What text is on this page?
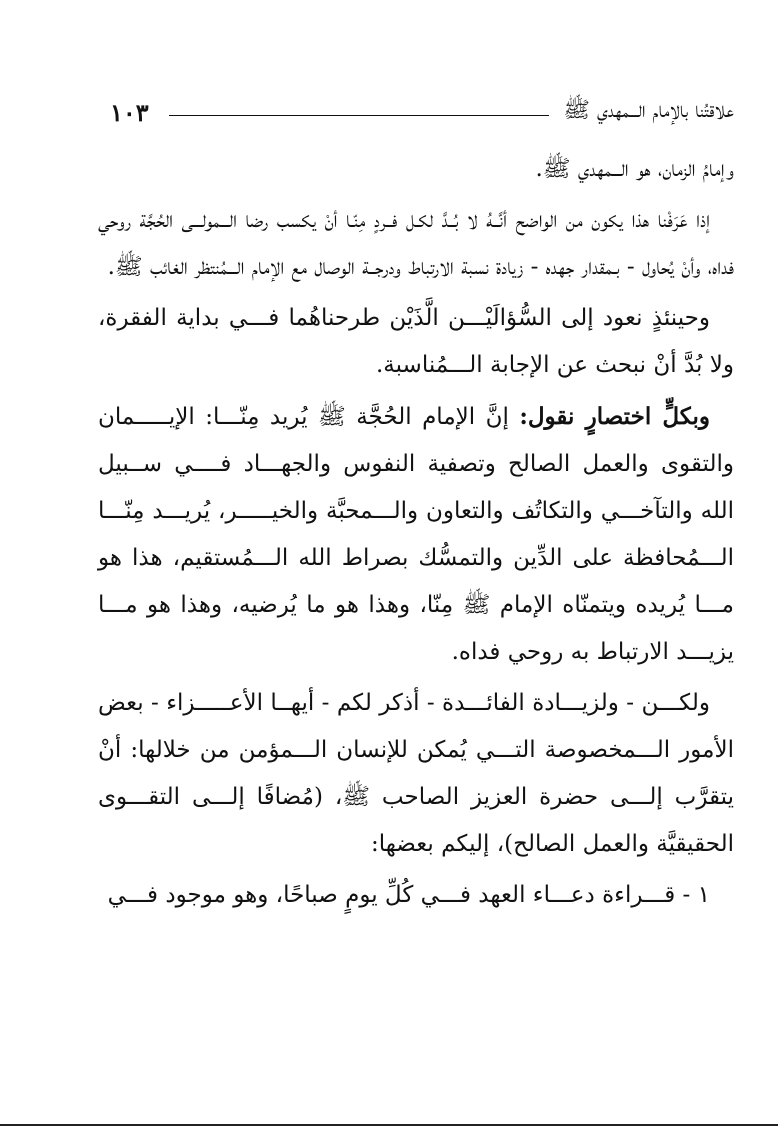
علاقتُنا بالإمام الـــمهدي ﷺ
١٠٣

وإمامُ الزمان، هو الـــمهدي ﷺ.

إذا عَرَفْنا هذا يكون من الواضح أنَّــهُ لا بُــدَّ لكـل فــردٍ مِنّـا أنْ يكسب رضا الـــمولـــى الحُجَّة روحي فداه، وأنْ يُحاول - بـمقدار جهده - زيادة نسبة الارتباط ودرجــة الوصال مع الإمام الـــمُنتظر الغائب ﷺ.

وحينئذٍ نعود إلى السُّؤالَيْـــن الَّذَيْن طرحناهُما فـــي بداية الفقرة، ولا بُدَّ أنْ نبحث عن الإجابة الـــمُناسبة.

وبكلٍّ اختصارٍ نقول: إنَّ الإمام الحُجَّة ﷺ يُريد مِنّـــا: الإيـــــمان والتقوى والعمل الصالح وتصفية النفوس والجهـــاد فــــي ســبيل الله والتآخـــي والتكاتُف والتعاون والـــمحبَّة والخيـــــر، يُريـــد مِنّـــا الـــمُحافظة على الدِّين والتمسُّك بصراط الله الـــمُستقيم، هذا هو مـــا يُريده ويتمنّاه الإمام ﷺ مِنّا، وهذا هو ما يُرضيه، وهذا هو مـــا يزيـــد الارتباط به روحي فداه.

ولكـــن - ولزيـــادة الفائـــدة - أذكر لكم - أيهــا الأعـــــزاء - بعض الأمور الـــمخصوصة التـــي يُمكن للإنسان الـــمؤمن من خلالها: أنْ يتقرَّب إلـــى حضرة العزيز الصاحب ﷺ، (مُضافًا إلـــى التقـــوى الحقيقيَّة والعمل الصالح)، إليكم بعضها:

١ - قـــراءة دعـــاء العهد فـــي كُلِّ يومٍ صباحًا، وهو موجود فـــي
